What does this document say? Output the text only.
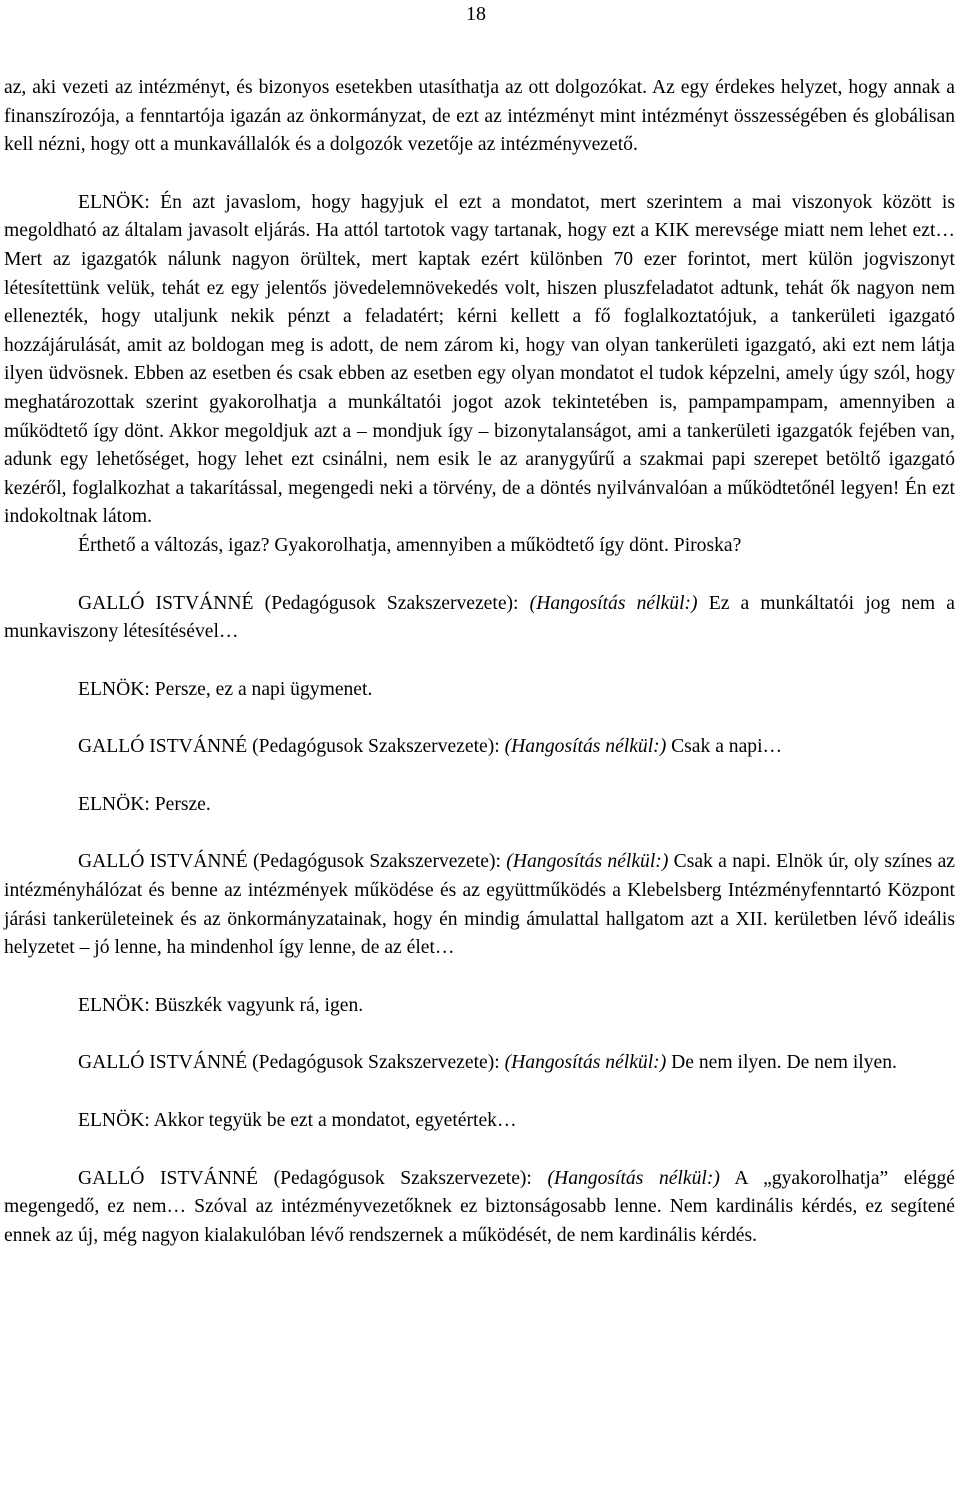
18

az, aki vezeti az intézményt, és bizonyos esetekben utasíthatja az ott dolgozókat. Az egy érdekes helyzet, hogy annak a finanszírozója, a fenntartója igazán az önkormányzat, de ezt az intézményt mint intézményt összességében és globálisan kell nézni, hogy ott a munkavállalók és a dolgozók vezetője az intézményvezető.

ELNÖK: Én azt javaslom, hogy hagyjuk el ezt a mondatot, mert szerintem a mai viszonyok között is megoldható az általam javasolt eljárás. Ha attól tartotok vagy tartanak, hogy ezt a KIK merevsége miatt nem lehet ezt… Mert az igazgatók nálunk nagyon örültek, mert kaptak ezért különben 70 ezer forintot, mert külön jogviszonyt létesítettünk velük, tehát ez egy jelentős jövedelemnövekedés volt, hiszen pluszfeladatot adtunk, tehát ők nagyon nem ellenezték, hogy utaljunk nekik pénzt a feladatért; kérni kellett a fő foglalkoztatójuk, a tankerületi igazgató hozzájárulását, amit az boldogan meg is adott, de nem zárom ki, hogy van olyan tankerületi igazgató, aki ezt nem látja ilyen üdvösnek. Ebben az esetben és csak ebben az esetben egy olyan mondatot el tudok képzelni, amely úgy szól, hogy meghatározottak szerint gyakorolhatja a munkáltatói jogot azok tekintetében is, pampampampam, amennyiben a működtető így dönt. Akkor megoldjuk azt a – mondjuk így – bizonytalanságot, ami a tankerületi igazgatók fejében van, adunk egy lehetőséget, hogy lehet ezt csinálni, nem esik le az aranygyűrű a szakmai papi szerepet betöltő igazgató kezéről, foglalkozhat a takarítással, megengedi neki a törvény, de a döntés nyilvánvalóan a működtetőnél legyen! Én ezt indokoltnak látom.

Érthető a változás, igaz? Gyakorolhatja, amennyiben a működtető így dönt. Piroska?

GALLÓ ISTVÁNNÉ (Pedagógusok Szakszervezete): (Hangosítás nélkül:) Ez a munkáltatói jog nem a munkaviszony létesítésével…

ELNÖK: Persze, ez a napi ügymenet.

GALLÓ ISTVÁNNÉ (Pedagógusok Szakszervezete): (Hangosítás nélkül:) Csak a napi…

ELNÖK: Persze.

GALLÓ ISTVÁNNÉ (Pedagógusok Szakszervezete): (Hangosítás nélkül:) Csak a napi. Elnök úr, oly színes az intézményhálózat és benne az intézmények működése és az együttműködés a Klebelsberg Intézményfenntartó Központ járási tankerületeinek és az önkormányzatainak, hogy én mindig ámulattal hallgatom azt a XII. kerületben lévő ideális helyzetet – jó lenne, ha mindenhol így lenne, de az élet…

ELNÖK: Büszkék vagyunk rá, igen.

GALLÓ ISTVÁNNÉ (Pedagógusok Szakszervezete): (Hangosítás nélkül:) De nem ilyen. De nem ilyen.

ELNÖK: Akkor tegyük be ezt a mondatot, egyetértek…

GALLÓ ISTVÁNNÉ (Pedagógusok Szakszervezete): (Hangosítás nélkül:) A „gyakorolhatja” eléggé megengedő, ez nem… Szóval az intézményvezetőknek ez biztonságosabb lenne. Nem kardinális kérdés, ez segítené ennek az új, még nagyon kialakulóban lévő rendszernek a működését, de nem kardinális kérdés.
